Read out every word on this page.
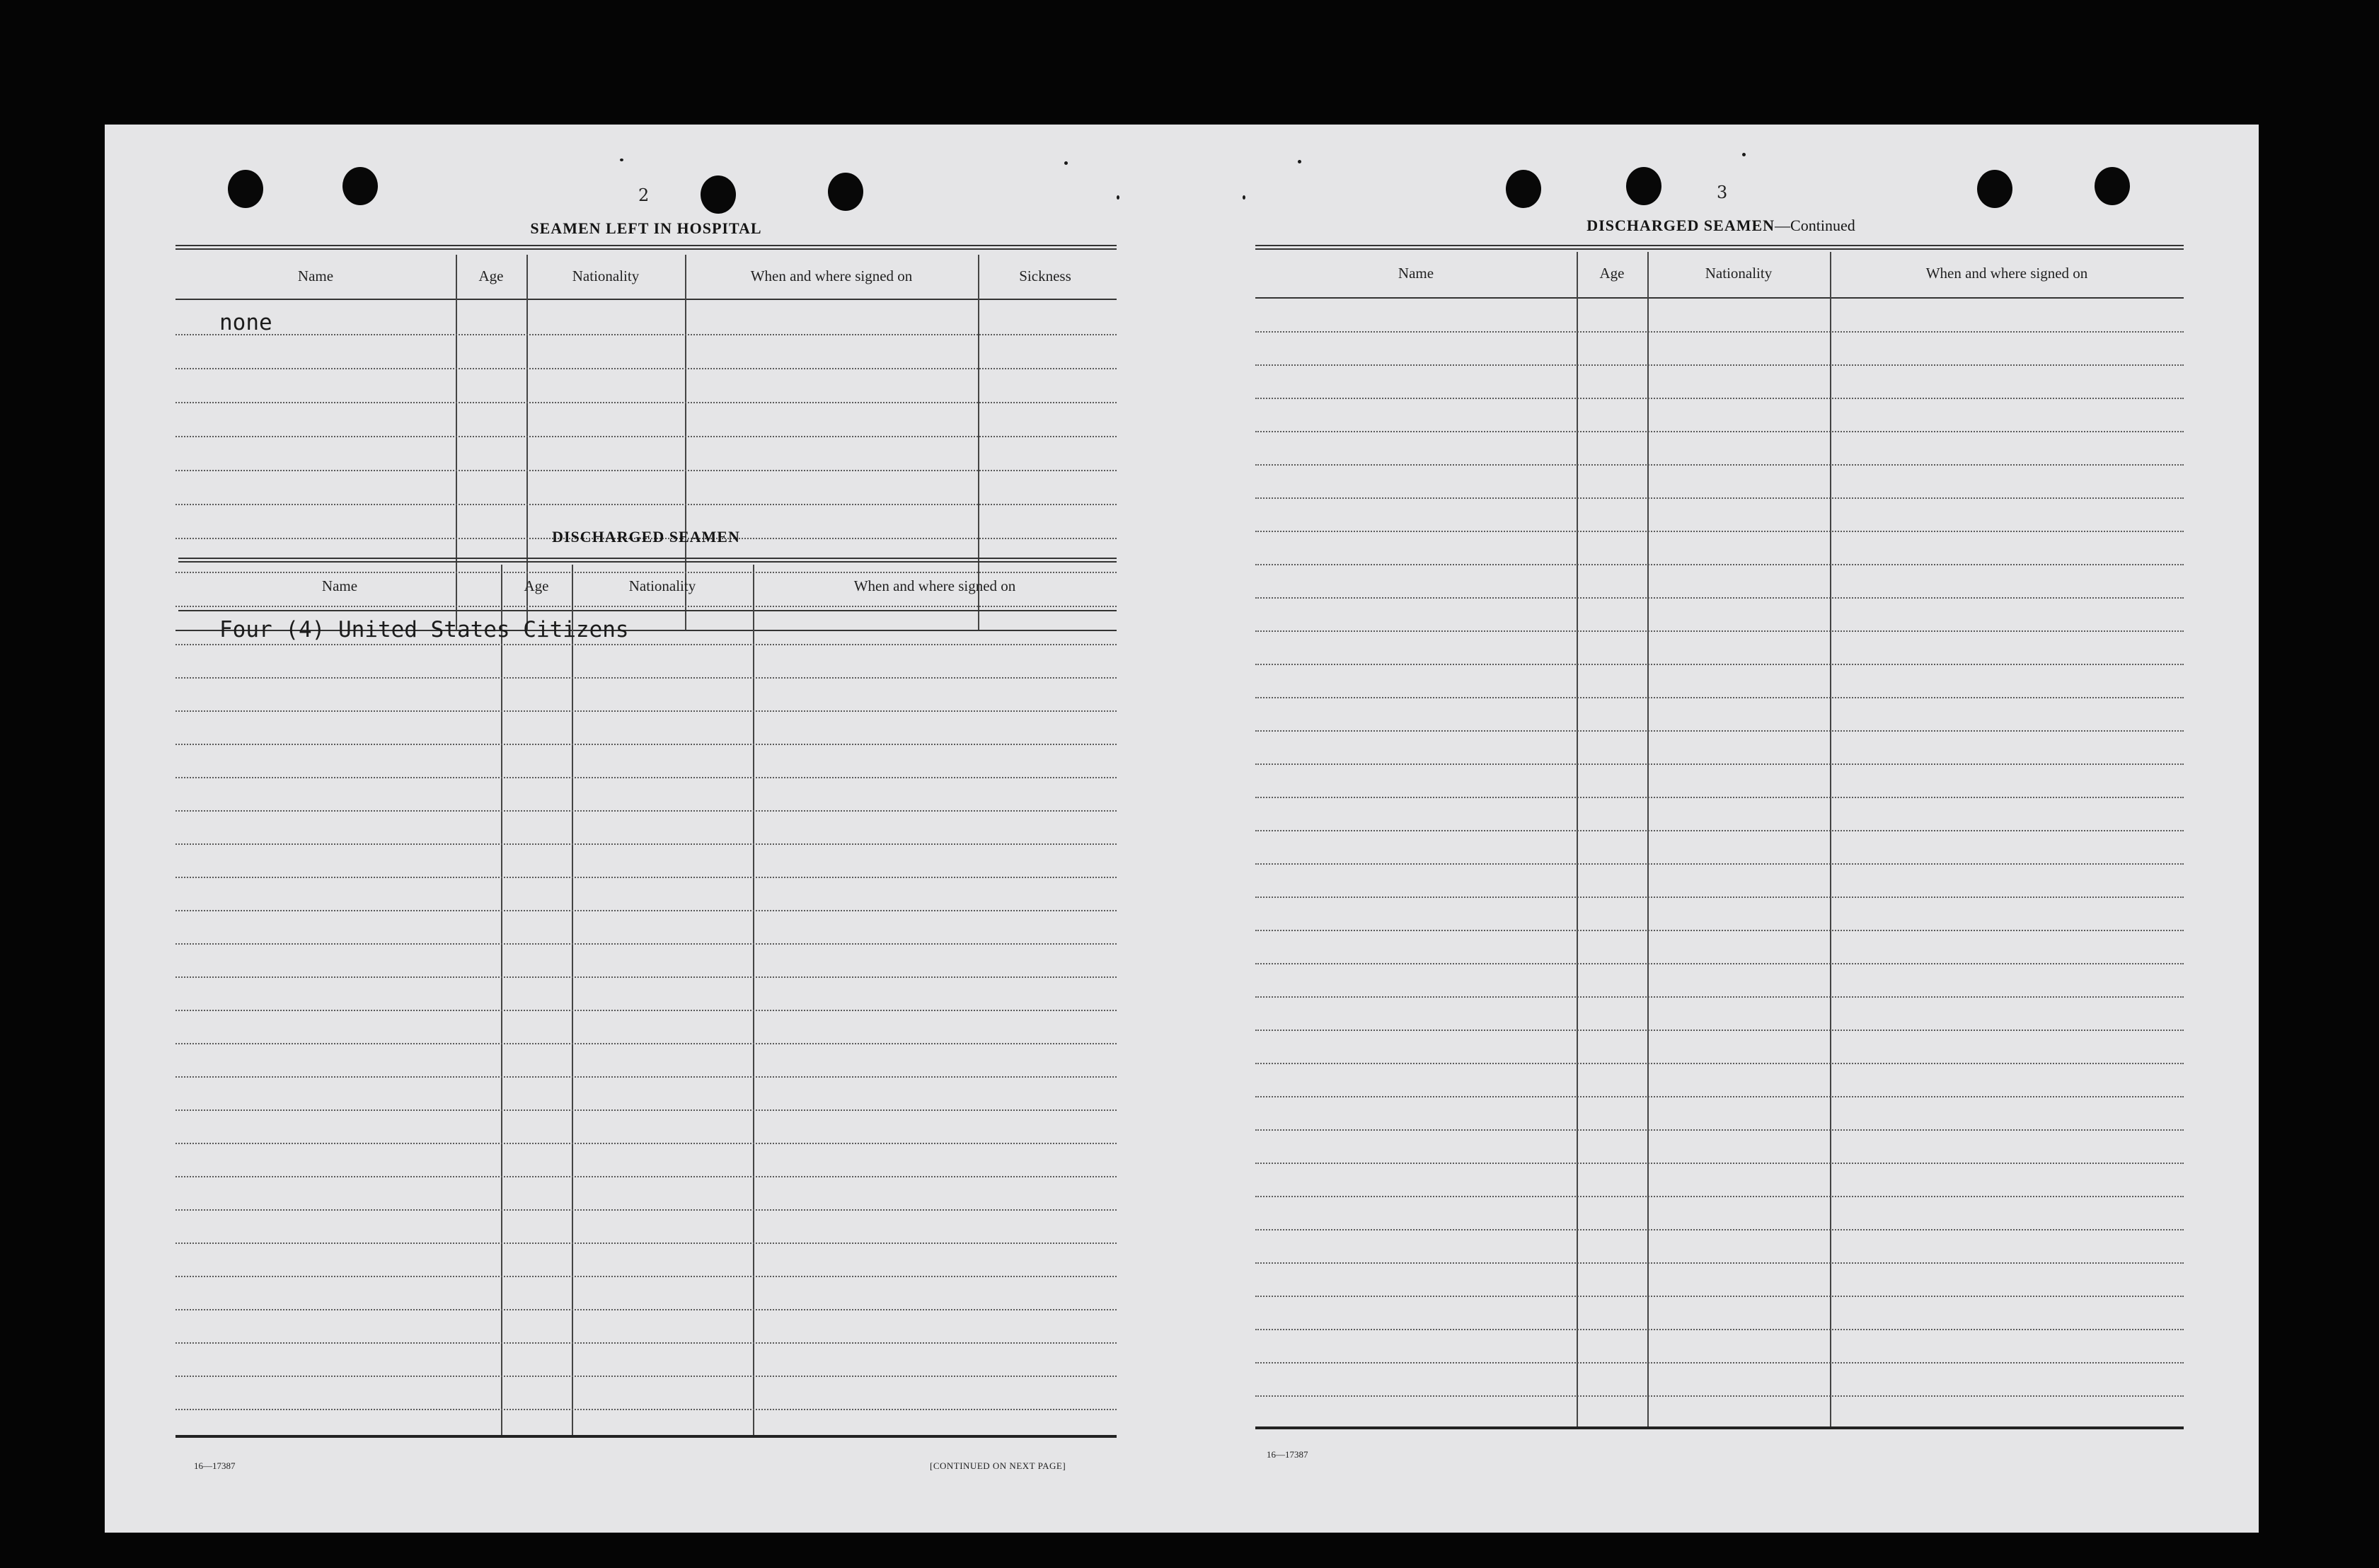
2
SEAMEN LEFT IN HOSPITAL
Name	Age	Nationality	When and where signed on	Sickness
none
DISCHARGED SEAMEN
Name	Age	Nationality	When and where signed on
Four (4) United States Citizens
16—17387	[CONTINUED ON NEXT PAGE]
3
DISCHARGED SEAMEN—Continued
Name	Age	Nationality	When and where signed on
16—17387
